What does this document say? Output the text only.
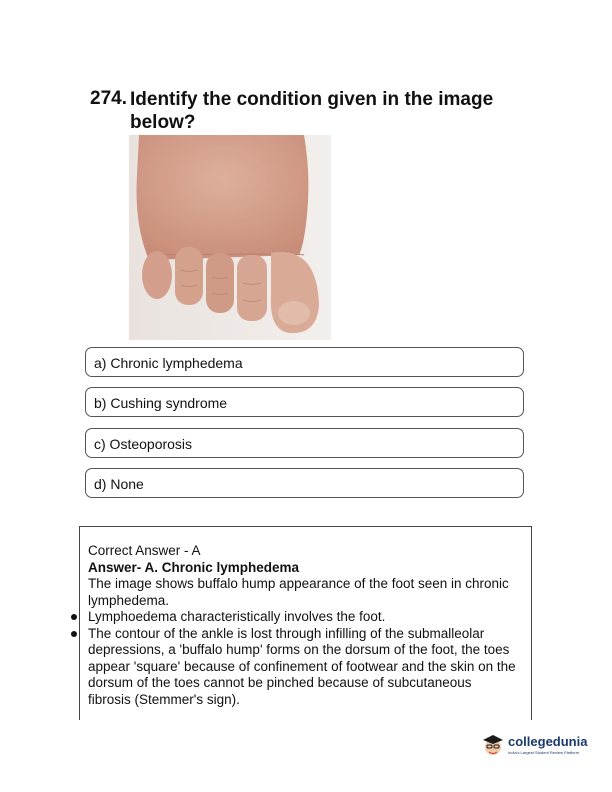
274. Identify the condition given in the image below?
a) Chronic lymphedema
b) Cushing syndrome
c) Osteoporosis
d) None
Correct Answer - A
Answer- A. Chronic lymphedema
The image shows buffalo hump appearance of the foot seen in chronic lymphedema.
Lymphoedema characteristically involves the foot.
The contour of the ankle is lost through infilling of the submalleolar depressions, a 'buffalo hump' forms on the dorsum of the foot, the toes appear 'square' because of confinement of footwear and the skin on the dorsum of the toes cannot be pinched because of subcutaneous fibrosis (Stemmer's sign).
collegedunia
India's Largest Student Review Platform
